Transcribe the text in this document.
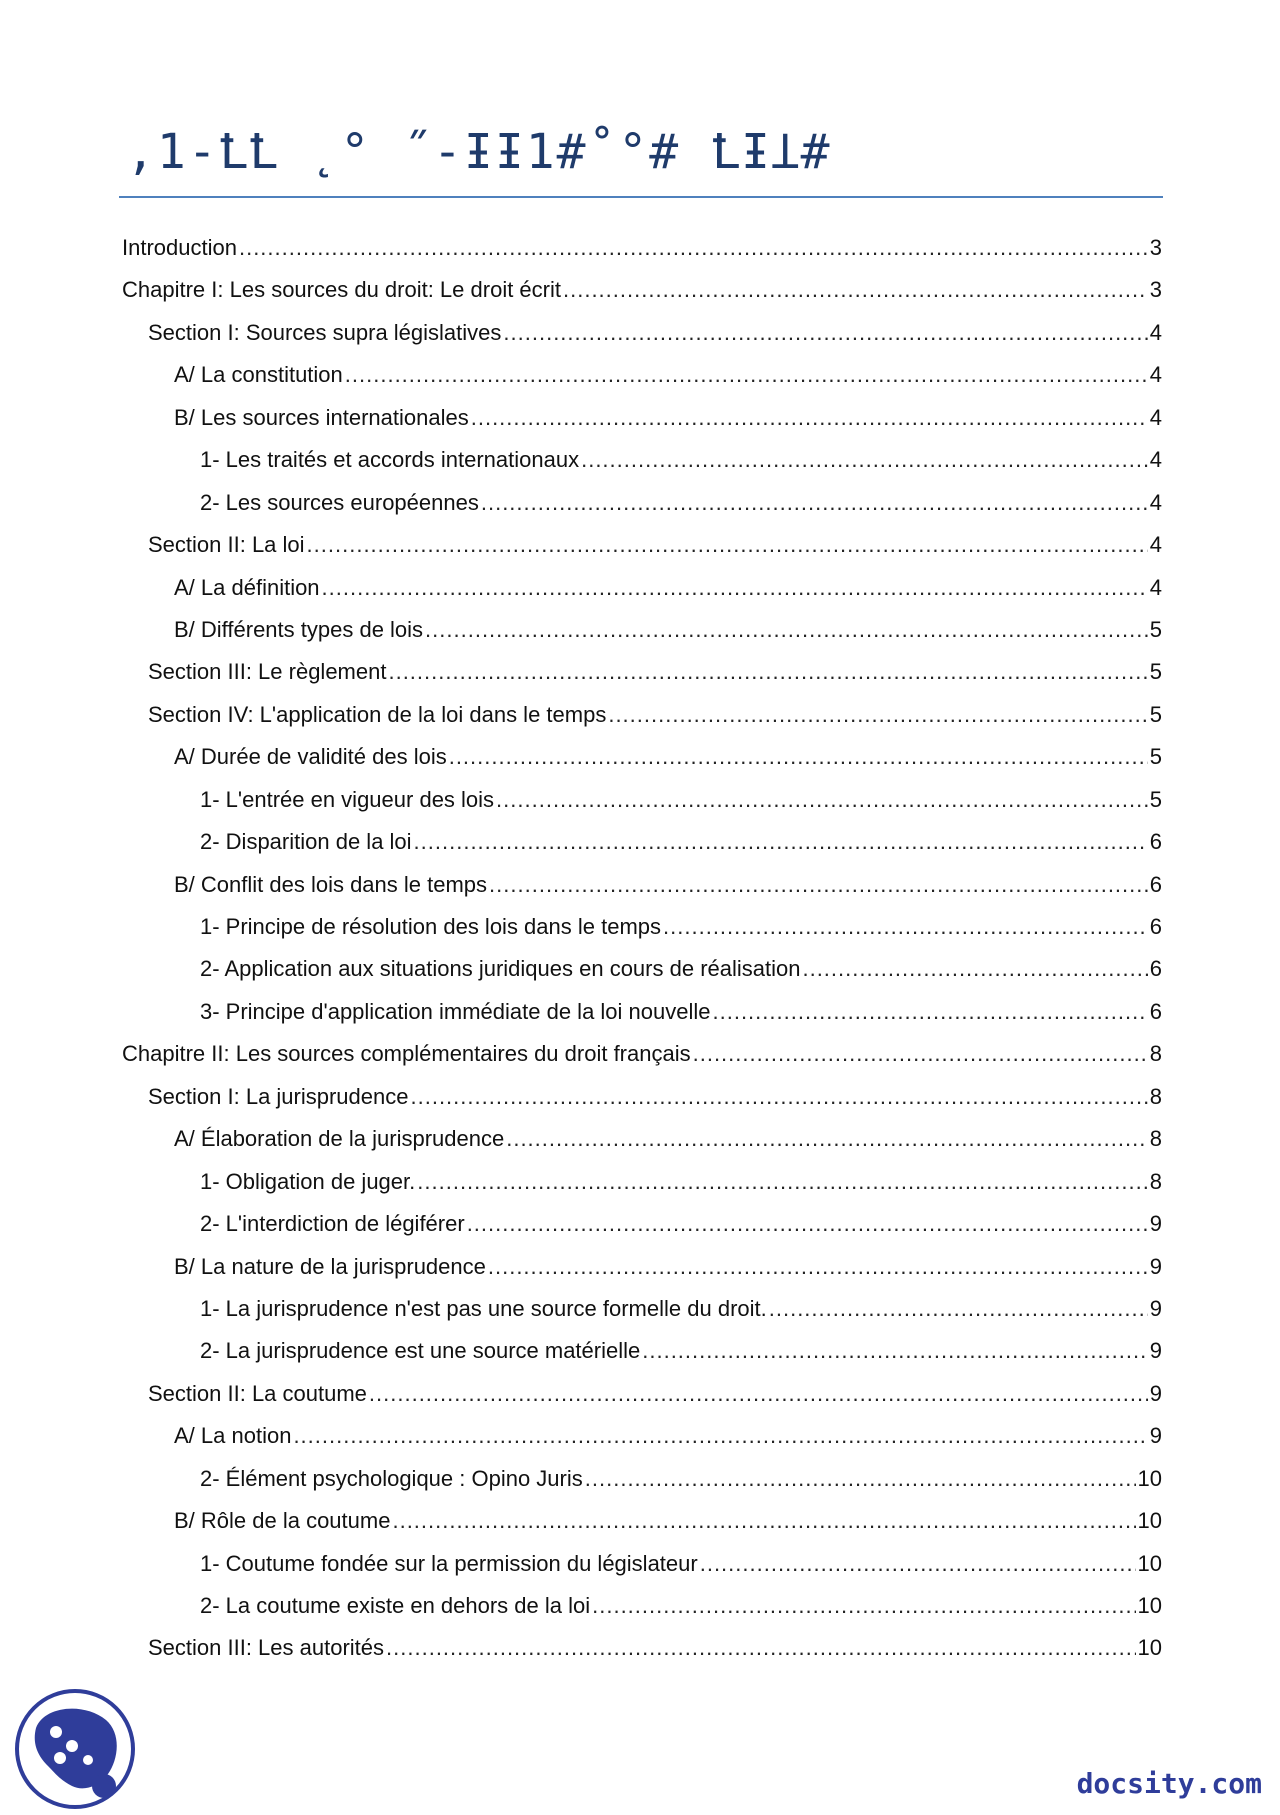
,1-ꝈꝈ ˛° ˝-ƗƗ1#˚°# ꝈƗꞱ#
Introduction .....	3
Chapitre I: Les sources du droit: Le droit écrit .....	3
Section I: Sources supra législatives .....	4
A/ La constitution .....	4
B/ Les sources internationales .....	4
1- Les traités et accords internationaux .....	4
2- Les sources européennes .....	4
Section II: La loi .....	4
A/ La définition .....	4
B/ Différents types de lois .....	5
Section III: Le règlement .....	5
Section IV: L'application de la loi dans le temps .....	5
A/ Durée de validité des lois .....	5
1- L'entrée en vigueur des lois .....	5
2- Disparition de la loi .....	6
B/ Conflit des lois dans le temps .....	6
1- Principe de résolution des lois dans le temps .....	6
2- Application aux situations juridiques en cours de réalisation .....	6
3- Principe d'application immédiate de la loi nouvelle .....	6
Chapitre II: Les sources complémentaires du droit français .....	8
Section I: La jurisprudence .....	8
A/ Élaboration de la jurisprudence .....	8
1- Obligation de juger. .....	8
2- L'interdiction de légiférer .....	9
B/ La nature de la jurisprudence .....	9
1- La jurisprudence n'est pas une source formelle du droit. .....	9
2- La jurisprudence est une source matérielle .....	9
Section II: La coutume .....	9
A/ La notion .....	9
2- Élément psychologique : Opino Juris .....	10
B/ Rôle de la coutume .....	10
1- Coutume fondée sur la permission du législateur .....	10
2- La coutume existe en dehors de la loi .....	10
Section III: Les autorités .....	10
docsity.com
